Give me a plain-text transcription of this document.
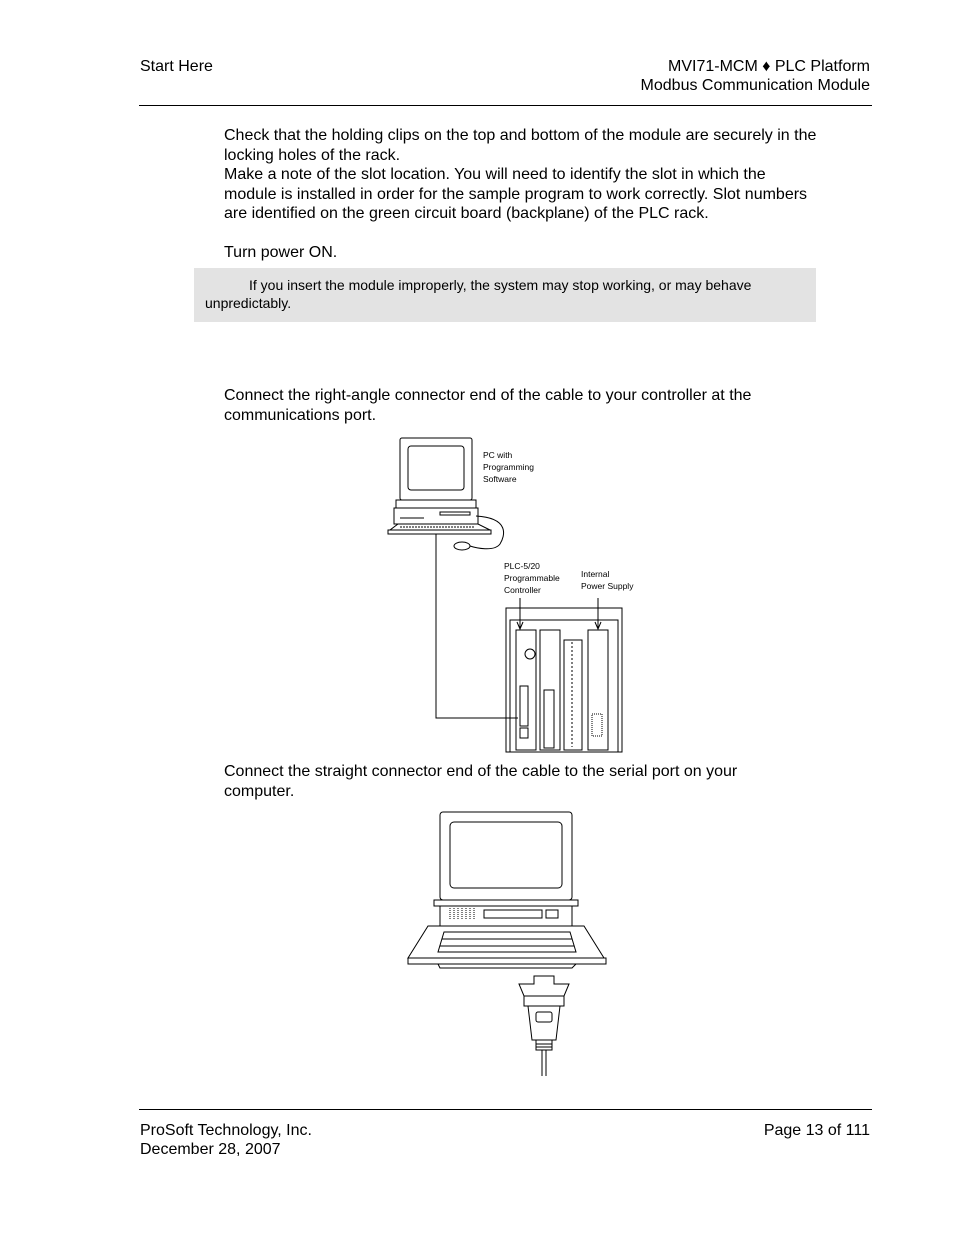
Start Here	MVI71-MCM ♦ PLC Platform
Modbus Communication Module
Check that the holding clips on the top and bottom of the module are securely in the locking holes of the rack.
Make a note of the slot location. You will need to identify the slot in which the module is installed in order for the sample program to work correctly. Slot numbers are identified on the green circuit board (backplane) of the PLC rack.
Turn power ON.
If you insert the module improperly, the system may stop working, or may behave unpredictably.
Connect the right-angle connector end of the cable to your controller at the communications port.
PC with
Programming
Software
PLC-5/20
Programmable
Controller
Internal
Power Supply
Connect the straight connector end of the cable to the serial port on your computer.
ProSoft Technology, Inc.
December 28, 2007
Page 13 of 111
